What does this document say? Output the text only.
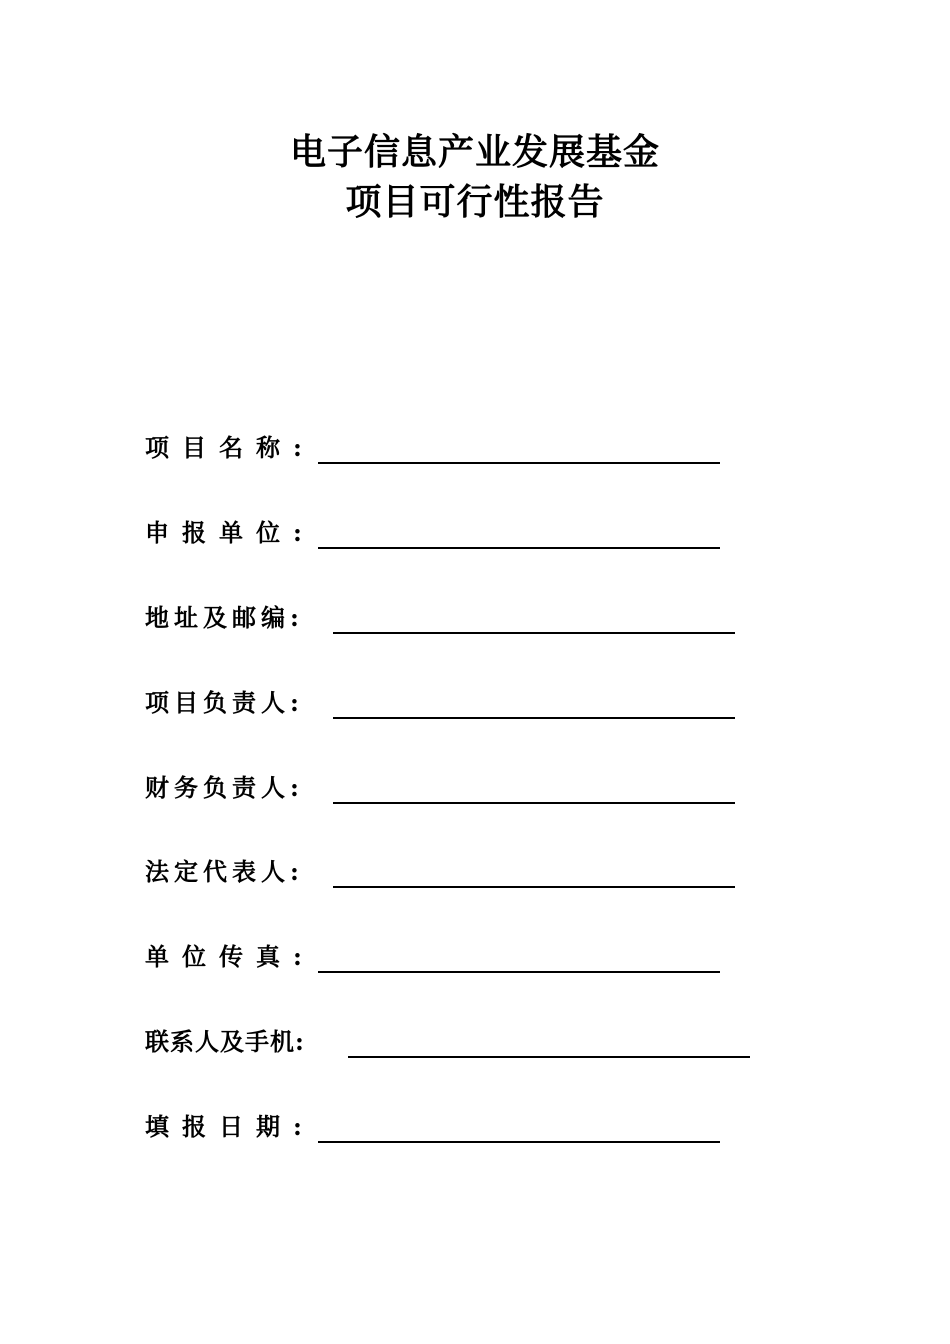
电子信息产业发展基金
项目可行性报告
项目名称:
申报单位:
地址及邮编:
项目负责人:
财务负责人:
法定代表人:
单位传真:
联系人及手机:
填报日期:
